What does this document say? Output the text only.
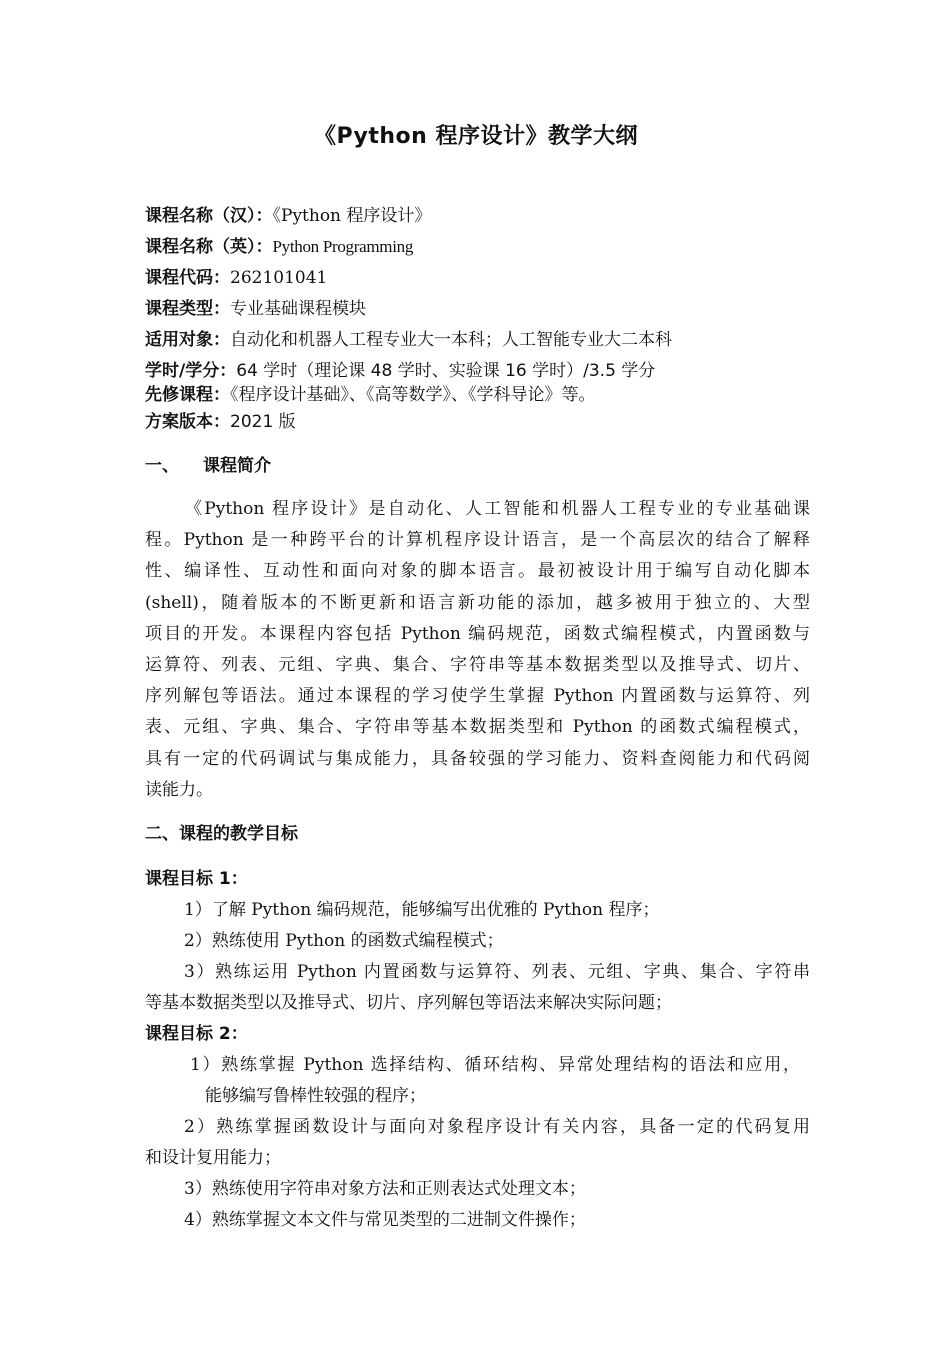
《Python 程序设计》教学大纲
课程名称（汉）：《Python 程序设计》
课程名称（英）：Python Programming
课程代码：262101041
课程类型：专业基础课程模块
适用对象：自动化和机器人工程专业大一本科；人工智能专业大二本科
学时/学分：64 学时（理论课 48 学时、实验课 16 学时）/3.5 学分
先修课程：《程序设计基础》、《高等数学》、《学科导论》等。
方案版本：2021 版
一、 课程简介
《Python 程序设计》是自动化、人工智能和机器人工程专业的专业基础课
程。Python 是一种跨平台的计算机程序设计语言，是一个高层次的结合了解释
性、编译性、互动性和面向对象的脚本语言。最初被设计用于编写自动化脚本
(shell)，随着版本的不断更新和语言新功能的添加，越多被用于独立的、大型
项目的开发。本课程内容包括 Python 编码规范，函数式编程模式，内置函数与
运算符、列表、元组、字典、集合、字符串等基本数据类型以及推导式、切片、
序列解包等语法。通过本课程的学习使学生掌握 Python 内置函数与运算符、列
表、元组、字典、集合、字符串等基本数据类型和 Python 的函数式编程模式，
具有一定的代码调试与集成能力，具备较强的学习能力、资料查阅能力和代码阅
读能力。
二、课程的教学目标
课程目标 1：
1）了解 Python 编码规范，能够编写出优雅的 Python 程序；
2）熟练使用 Python 的函数式编程模式；
3）熟练运用 Python 内置函数与运算符、列表、元组、字典、集合、字符串
等基本数据类型以及推导式、切片、序列解包等语法来解决实际问题；
课程目标 2：
1）熟练掌握 Python 选择结构、循环结构、异常处理结构的语法和应用，
能够编写鲁棒性较强的程序；
2）熟练掌握函数设计与面向对象程序设计有关内容，具备一定的代码复用
和设计复用能力；
3）熟练使用字符串对象方法和正则表达式处理文本；
4）熟练掌握文本文件与常见类型的二进制文件操作；
